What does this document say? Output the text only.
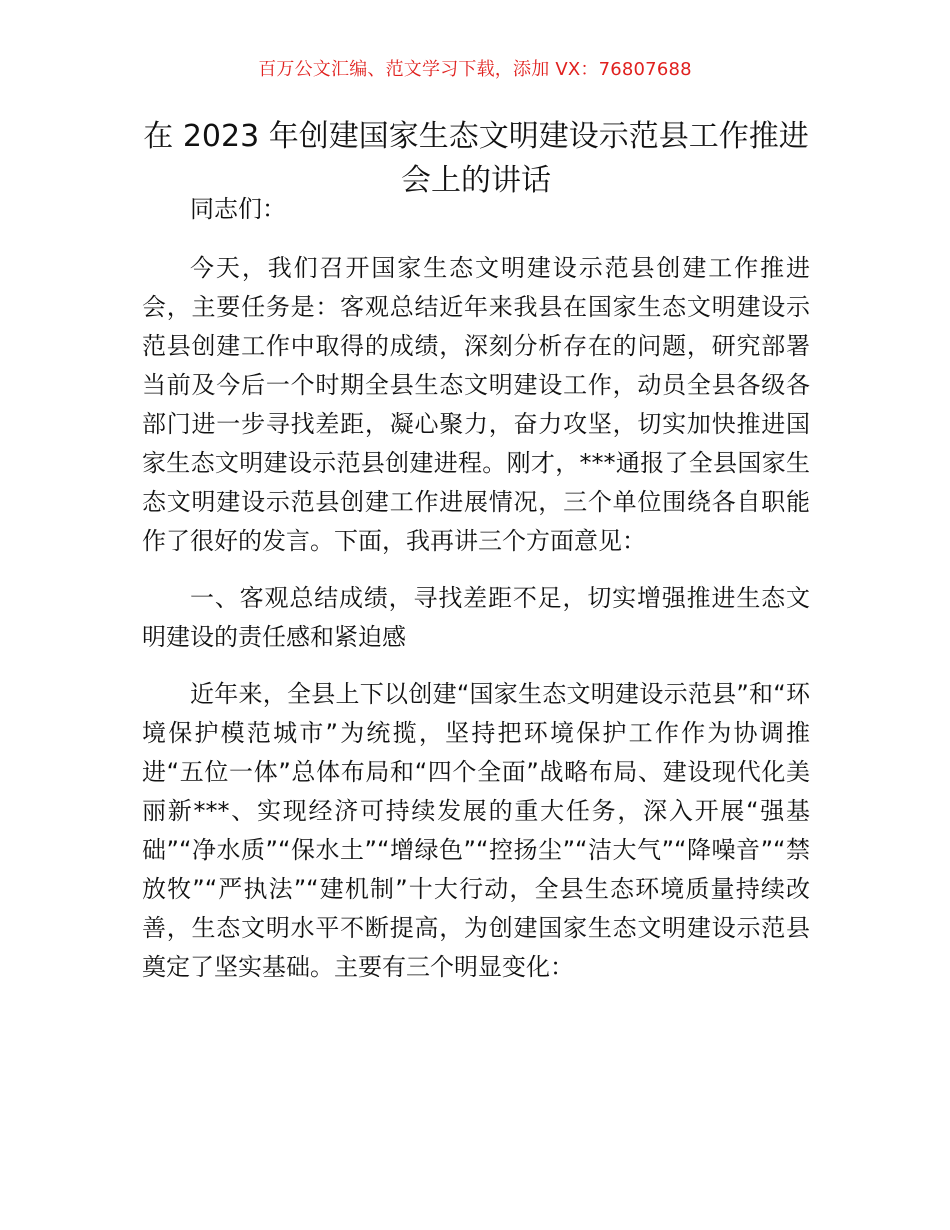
百万公文汇编、范文学习下载，添加 VX：76807688
在 2023 年创建国家生态文明建设示范县工作推进会上的讲话

同志们：

今天，我们召开国家生态文明建设示范县创建工作推进会，主要任务是：客观总结近年来我县在国家生态文明建设示范县创建工作中取得的成绩，深刻分析存在的问题，研究部署当前及今后一个时期全县生态文明建设工作，动员全县各级各部门进一步寻找差距，凝心聚力，奋力攻坚，切实加快推进国家生态文明建设示范县创建进程。刚才，***通报了全县国家生态文明建设示范县创建工作进展情况，三个单位围绕各自职能作了很好的发言。下面，我再讲三个方面意见：

一、客观总结成绩，寻找差距不足，切实增强推进生态文明建设的责任感和紧迫感

近年来，全县上下以创建“国家生态文明建设示范县”和“环境保护模范城市”为统揽，坚持把环境保护工作作为协调推进“五位一体”总体布局和“四个全面”战略布局、建设现代化美丽新***、实现经济可持续发展的重大任务，深入开展“强基础”“净水质”“保水土”“增绿色”“控扬尘”“洁大气”“降噪音”“禁放牧”“严执法”“建机制”十大行动，全县生态环境质量持续改善，生态文明水平不断提高，为创建国家生态文明建设示范县奠定了坚实基础。主要有三个明显变化：
